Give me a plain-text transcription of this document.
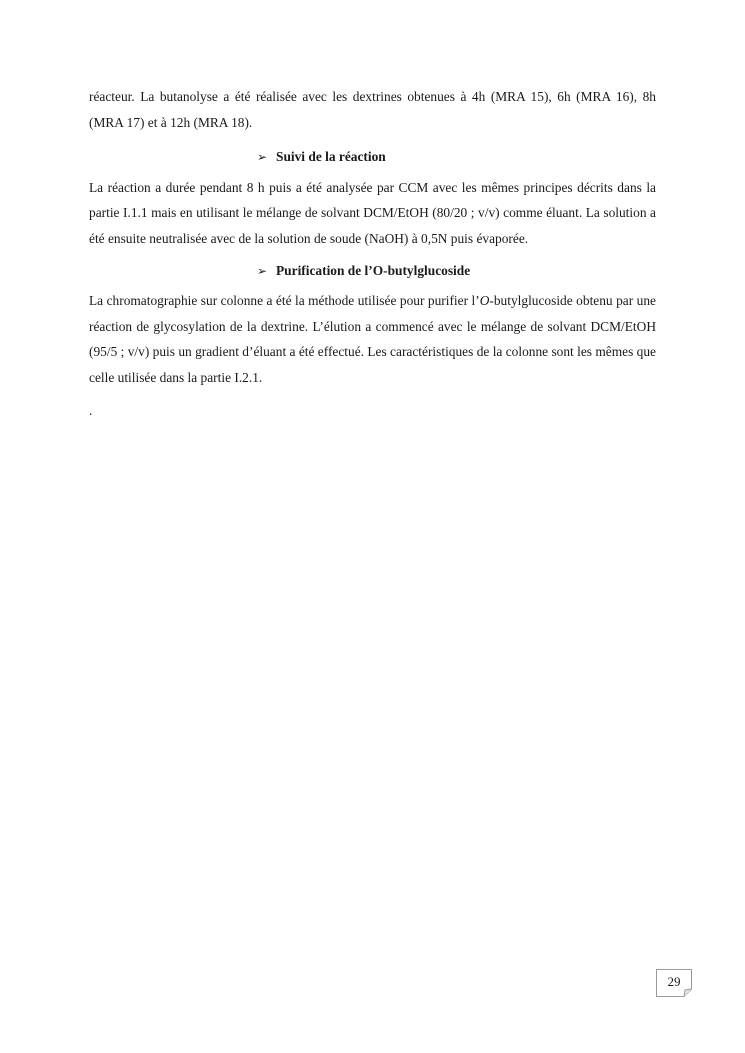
réacteur. La butanolyse a été réalisée avec les dextrines obtenues à 4h (MRA 15), 6h (MRA 16), 8h (MRA 17) et à 12h (MRA 18).

➢ Suivi de la réaction

La réaction a durée pendant 8 h puis a été analysée par CCM avec les mêmes principes décrits dans la partie I.1.1 mais en utilisant le mélange de solvant DCM/EtOH (80/20 ; v/v) comme éluant. La solution a été ensuite neutralisée avec de la solution de soude (NaOH) à 0,5N puis évaporée.

➢ Purification de l’O-butylglucoside

La chromatographie sur colonne a été la méthode utilisée pour purifier l’O-butylglucoside obtenu par une réaction de glycosylation de la dextrine. L’élution a commencé avec le mélange de solvant DCM/EtOH (95/5 ; v/v) puis un gradient d’éluant a été effectué. Les caractéristiques de la colonne sont les mêmes que celle utilisée dans la partie I.2.1.

.

29
